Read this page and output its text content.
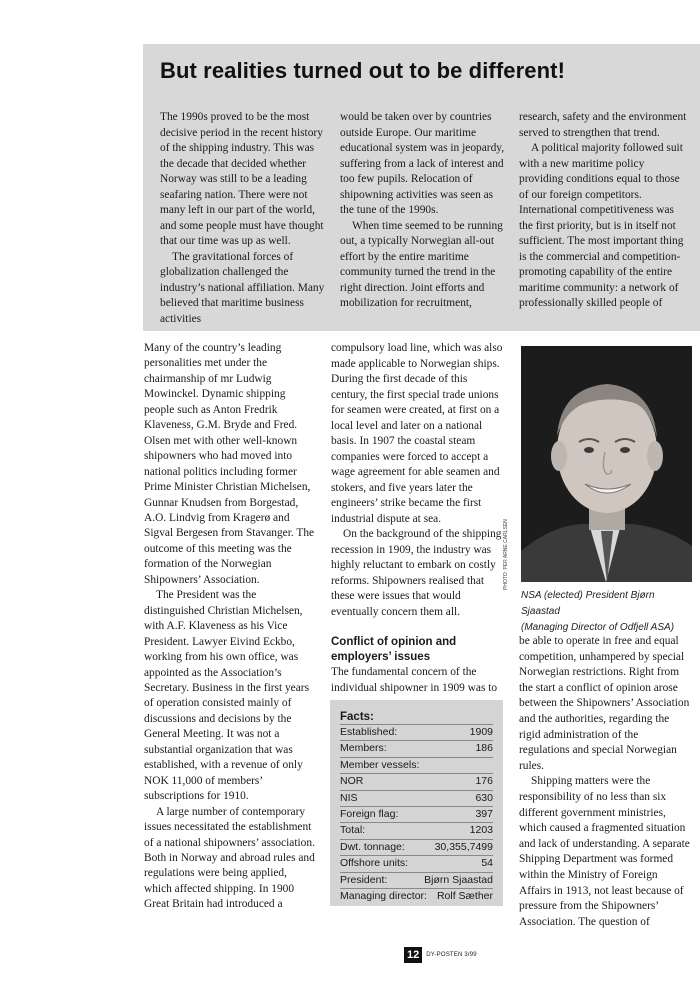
But realities turned out to be different!

The 1990s proved to be the most decisive period in the recent history of the shipping industry. This was the decade that decided whether Norway was still to be a leading seafaring nation. There were not many left in our part of the world, and some people must have thought that our time was up as well.

The gravitational forces of globalization challenged the industry’s national affiliation. Many believed that maritime business activities

would be taken over by countries outside Europe. Our maritime educational system was in jeopardy, suffering from a lack of interest and too few pupils. Relocation of shipowning activities was seen as the tune of the 1990s.

When time seemed to be running out, a typically Norwegian all-out effort by the entire maritime community turned the trend in the right direction. Joint efforts and mobilization for recruitment,

research, safety and the environment served to strengthen that trend.

A political majority followed suit with a new maritime policy providing conditions equal to those of our foreign competitors. International competitiveness was the first priority, but is in itself not sufficient. The most important thing is the commercial and competition-promoting capability of the entire maritime community: a network of professionally skilled people of

Many of the country’s leading personalities met under the chairmanship of mr Ludwig Mowinckel. Dynamic shipping people such as Anton Fredrik Klaveness, G.M. Bryde and Fred. Olsen met with other well-known shipowners who had moved into national politics including former Prime Minister Christian Michelsen, Gunnar Knudsen from Borgestad, A.O. Lindvig from Kragerø and Sigval Bergesen from Stavanger. The outcome of this meeting was the formation of the Norwegian Shipowners’ Association.

The President was the distinguished Christian Michelsen, with A.F. Klaveness as his Vice President. Lawyer Eivind Eckbo, working from his own office, was appointed as the Association’s Secretary. Business in the first years of operation consisted mainly of discussions and decisions by the General Meeting. It was not a substantial organization that was established, with a revenue of only NOK 11,000 of members’ subscriptions for 1910.

A large number of contemporary issues necessitated the establishment of a national shipowners’ association. Both in Norway and abroad rules and regulations were being applied, which affected shipping. In 1900 Great Britain had introduced a

compulsory load line, which was also made applicable to Norwegian ships. During the first decade of this century, the first special trade unions for seamen were created, at first on a local level and later on a national basis. In 1907 the coastal steam companies were forced to accept a wage agreement for able seamen and stokers, and five years later the engineers’ strike became the first industrial dispute at sea.

On the background of the shipping recession in 1909, the industry was highly reluctant to embark on costly reforms. Shipowners realised that these were issues that would eventually concern them all.

Conflict of opinion and employers’ issues

The fundamental concern of the individual shipowner in 1909 was to

PHOTO: PER ARNE CARLSEN
NSA (elected) President Bjørn Sjaastad
(Managing Director of Odfjell ASA)
Facts:
Established:	1909
Members:	186
Member vessels:
NOR	176
NIS	630
Foreign flag:	397
Total:	1203
Dwt. tonnage:	30,355,7499
Offshore units:	54
President:	Bjørn Sjaastad
Managing director: Rolf Sæther

be able to operate in free and equal competition, unhampered by special Norwegian restrictions. Right from the start a conflict of opinion arose between the Shipowners’ Association and the authorities, regarding the rigid administration of the regulations and special Norwegian rules.

Shipping matters were the responsibility of no less than six different government ministries, which caused a fragmented situation and lack of understanding. A separate Shipping Department was formed within the Ministry of Foreign Affairs in 1913, not least because of pressure from the Shipowners’ Association. The question of

12	DY-POSTEN 3/99
